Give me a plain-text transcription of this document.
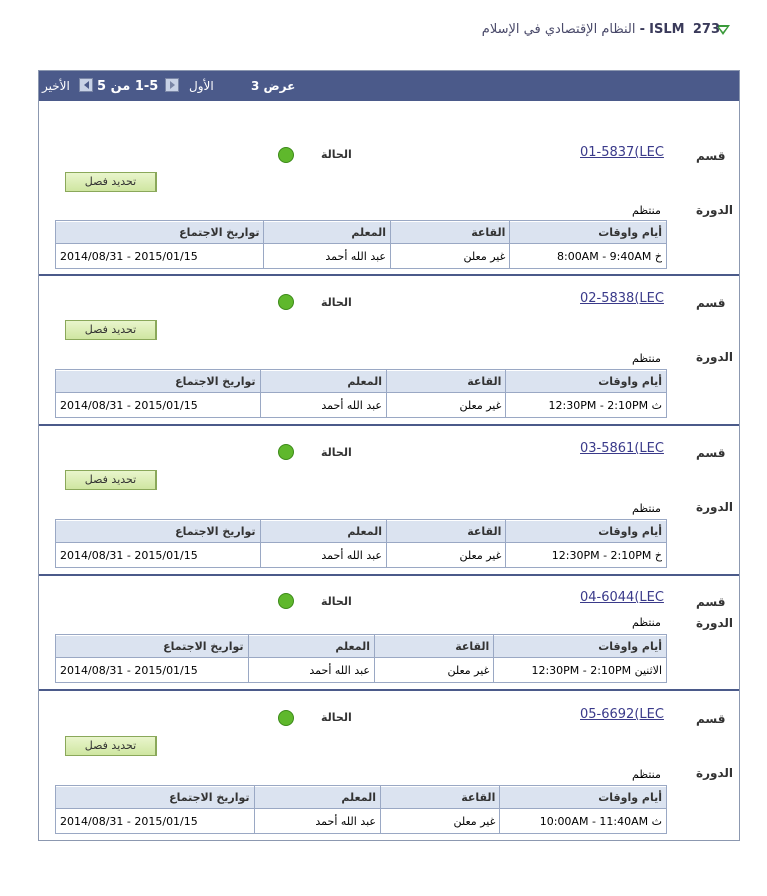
273  ISLM - النظام الإقتصادي في الإسلام
الأخير 1-5 من 5	الأول	عرض 3
قسم
01-5837(LEC
الحالة
تحديد فصل
الدورة
منتظم
أيام واوقات	القاعة	المعلم	تواريخ الاجتماع
خ 8:00AM - 9:40AM	غير معلن	عبد الله أحمد	2014/08/31 - 2015/01/15
قسم
02-5838(LEC
الحالة
تحديد فصل
الدورة
منتظم
أيام واوقات	القاعة	المعلم	تواريخ الاجتماع
ث 12:30PM - 2:10PM	غير معلن	عبد الله أحمد	2014/08/31 - 2015/01/15
قسم
03-5861(LEC
الحالة
تحديد فصل
الدورة
منتظم
أيام واوقات	القاعة	المعلم	تواريخ الاجتماع
خ 12:30PM - 2:10PM	غير معلن	عبد الله أحمد	2014/08/31 - 2015/01/15
قسم
04-6044(LEC
الحالة
الدورة
منتظم
أيام واوقات	القاعة	المعلم	تواريخ الاجتماع
الاثنين 12:30PM - 2:10PM	غير معلن	عبد الله أحمد	2014/08/31 - 2015/01/15
قسم
05-6692(LEC
الحالة
تحديد فصل
الدورة
منتظم
أيام واوقات	القاعة	المعلم	تواريخ الاجتماع
ث 10:00AM - 11:40AM	غير معلن	عبد الله أحمد	2014/08/31 - 2015/01/15
